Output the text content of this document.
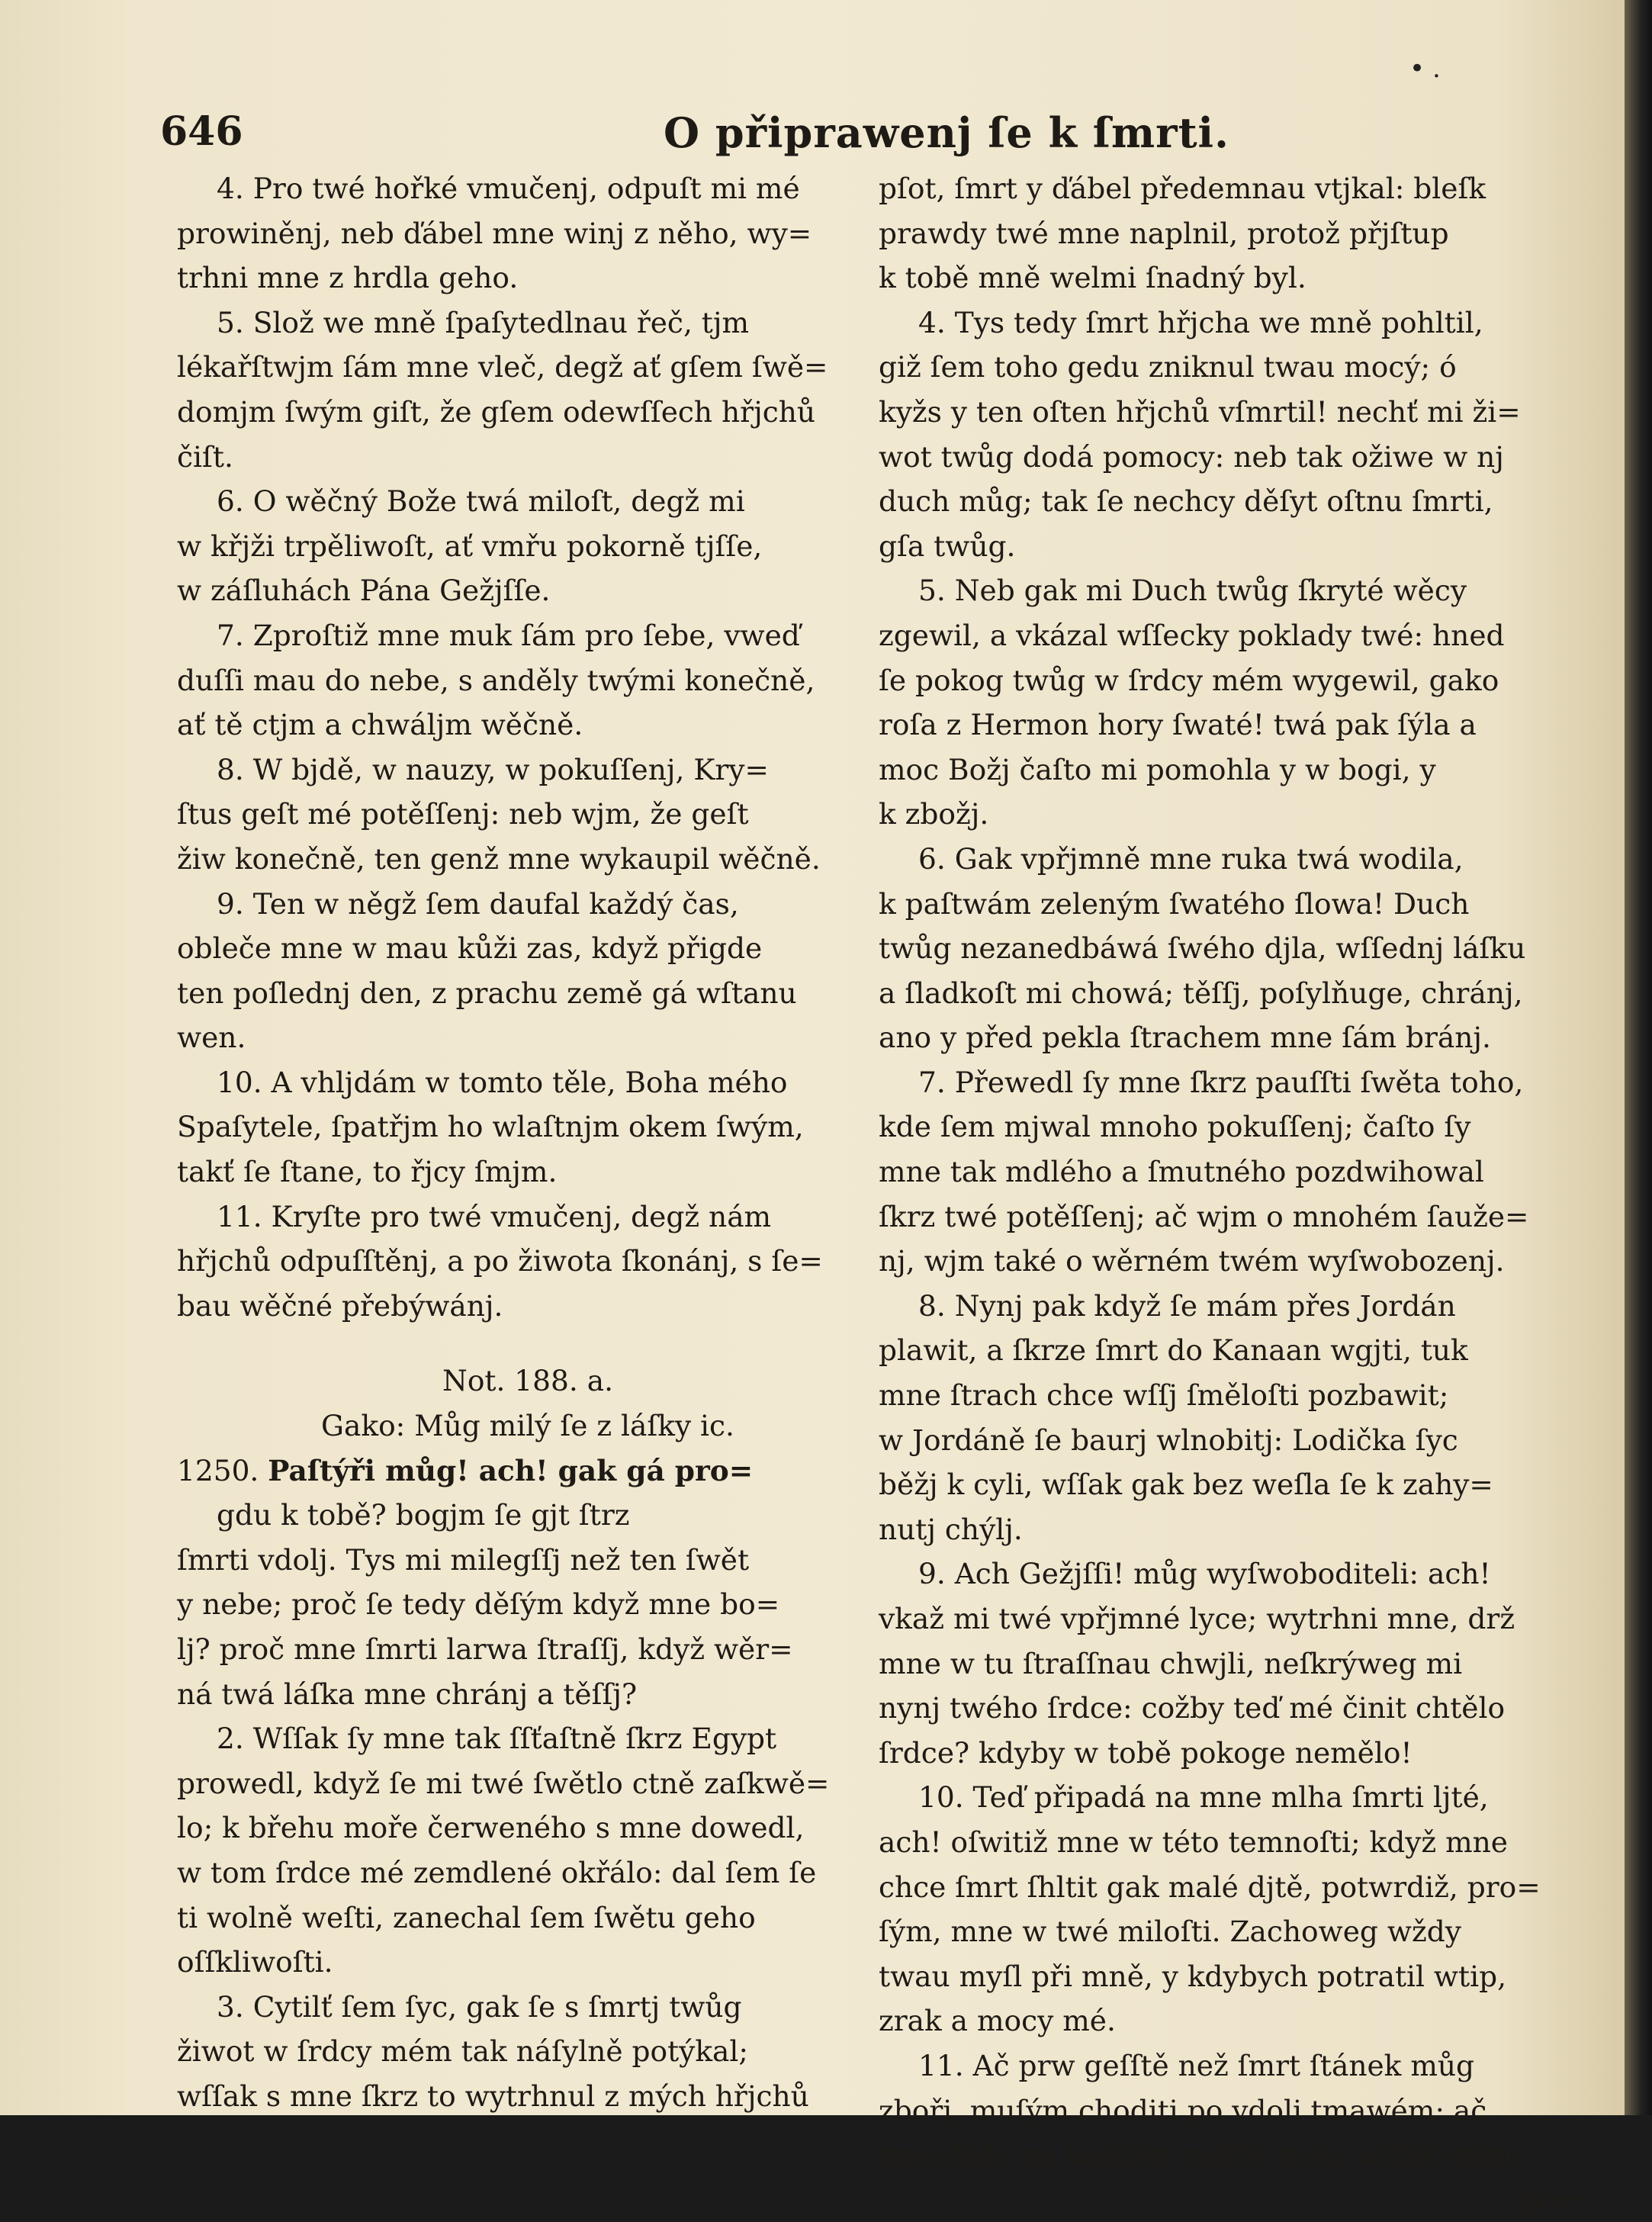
•.
646	O připrawenj ſe k ſmrti.
4. Pro twé hořké vmučenj, odpuſt mi mé
prowiněnj, neb ďábel mne winj z něho, wy=
trhni mne z hrdla geho.
5. Slož we mně ſpaſytedlnau řeč, tjm
lékařſtwjm ſám mne vleč, degž ať gſem ſwě=
domjm ſwým giſt, že gſem odewſſech hřjchů
čiſt.
6. O wěčný Bože twá miloſt, degž mi
w křjži trpěliwoſt, ať vmřu pokorně tjſſe,
w záſluhách Pána Gežjſſe.
7. Zproſtiž mne muk ſám pro ſebe, vweď
duſſi mau do nebe, s anděly twými konečně,
ať tě ctjm a chwáljm wěčně.
8. W bjdě, w nauzy, w pokuſſenj, Kry=
ſtus geſt mé potěſſenj: neb wjm, že geſt
žiw konečně, ten genž mne wykaupil wěčně.
9. Ten w něgž ſem daufal každý čas,
obleče mne w mau kůži zas, když přigde
ten poſlednj den, z prachu země gá wſtanu
wen.
10. A vhljdám w tomto těle, Boha mého
Spaſytele, ſpatřjm ho wlaſtnjm okem ſwým,
takť ſe ſtane, to řjcy ſmjm.
11. Kryſte pro twé vmučenj, degž nám
hřjchů odpuſſtěnj, a po žiwota ſkonánj, s ſe=
bau wěčné přebýwánj.
Not. 188. a.
Gako: Můg milý ſe z láſky ic.
1250. Paſtýři můg! ach! gak gá pro=
gdu k tobě? bogjm ſe gjt ſtrz
ſmrti vdolj. Tys mi milegſſj než ten ſwět
y nebe; proč ſe tedy děſým když mne bo=
lj? proč mne ſmrti larwa ſtraſſj, když wěr=
ná twá láſka mne chránj a těſſj?
2. Wſſak ſy mne tak ſſťaſtně ſkrz Egypt
prowedl, když ſe mi twé ſwětlo ctně zaſkwě=
lo; k břehu moře čerweného s mne dowedl,
w tom ſrdce mé zemdlené okřálo: dal ſem ſe
ti wolně weſti, zanechal ſem ſwětu geho
oſſkliwoſti.
3. Cytilť ſem ſyc, gak ſe s ſmrtj twůg
žiwot w ſrdcy mém tak náſylně potýkal;
wſſak s mne ſkrz to wytrhnul z mých hřjchů
pſot, ſmrt y ďábel předemnau vtjkal: bleſk
prawdy twé mne naplnil, protož přjſtup
k tobě mně welmi ſnadný byl.
4. Tys tedy ſmrt hřjcha we mně pohltil,
giž ſem toho gedu zniknul twau mocý; ó
kyžs y ten oſten hřjchů vſmrtil! nechť mi ži=
wot twůg dodá pomocy: neb tak ožiwe w nj
duch můg; tak ſe nechcy děſyt oſtnu ſmrti,
gſa twůg.
5. Neb gak mi Duch twůg ſkryté wěcy
zgewil, a vkázal wſſecky poklady twé: hned
ſe pokog twůg w ſrdcy mém wygewil, gako
roſa z Hermon hory ſwaté! twá pak ſýla a
moc Božj čaſto mi pomohla y w bogi, y
k zbožj.
6. Gak vpřjmně mne ruka twá wodila,
k paſtwám zeleným ſwatého ſlowa! Duch
twůg nezanedbáwá ſwého djla, wſſednj láſku
a ſladkoſt mi chowá; těſſj, poſylňuge, chránj,
ano y před pekla ſtrachem mne ſám bránj.
7. Přewedl ſy mne ſkrz pauſſti ſwěta toho,
kde ſem mjwal mnoho pokuſſenj; čaſto ſy
mne tak mdlého a ſmutného pozdwihowal
ſkrz twé potěſſenj; ač wjm o mnohém ſauže=
nj, wjm také o wěrném twém wyſwobozenj.
8. Nynj pak když ſe mám přes Jordán
plawit, a ſkrze ſmrt do Kanaan wgjti, tuk
mne ſtrach chce wſſj ſměloſti pozbawit;
w Jordáně ſe baurj wlnobitj: Lodička ſyc
běžj k cyli, wſſak gak bez weſla ſe k zahy=
nutj chýlj.
9. Ach Gežjſſi! můg wyſwoboditeli: ach!
vkaž mi twé vpřjmné lyce; wytrhni mne, drž
mne w tu ſtraſſnau chwjli, neſkrýweg mi
nynj twého ſrdce: cožby teď mé činit chtělo
ſrdce? kdyby w tobě pokoge nemělo!
10. Teď připadá na mne mlha ſmrti ljté,
ach! oſwitiž mne w této temnoſti; když mne
chce ſmrt ſhltit gak malé djtě, potwrdiž, pro=
ſým, mne w twé miloſti. Zachoweg wždy
twau myſl při mně, y kdybych potratil wtip,
zrak a mocy mé.
11. Ač prw geſſtě než ſmrt ſtánek můg
zbořj, muſým choditi po vdolj tmawém; ač
mne bjda na každém mjſtě mořj, wſſak mám
po=
